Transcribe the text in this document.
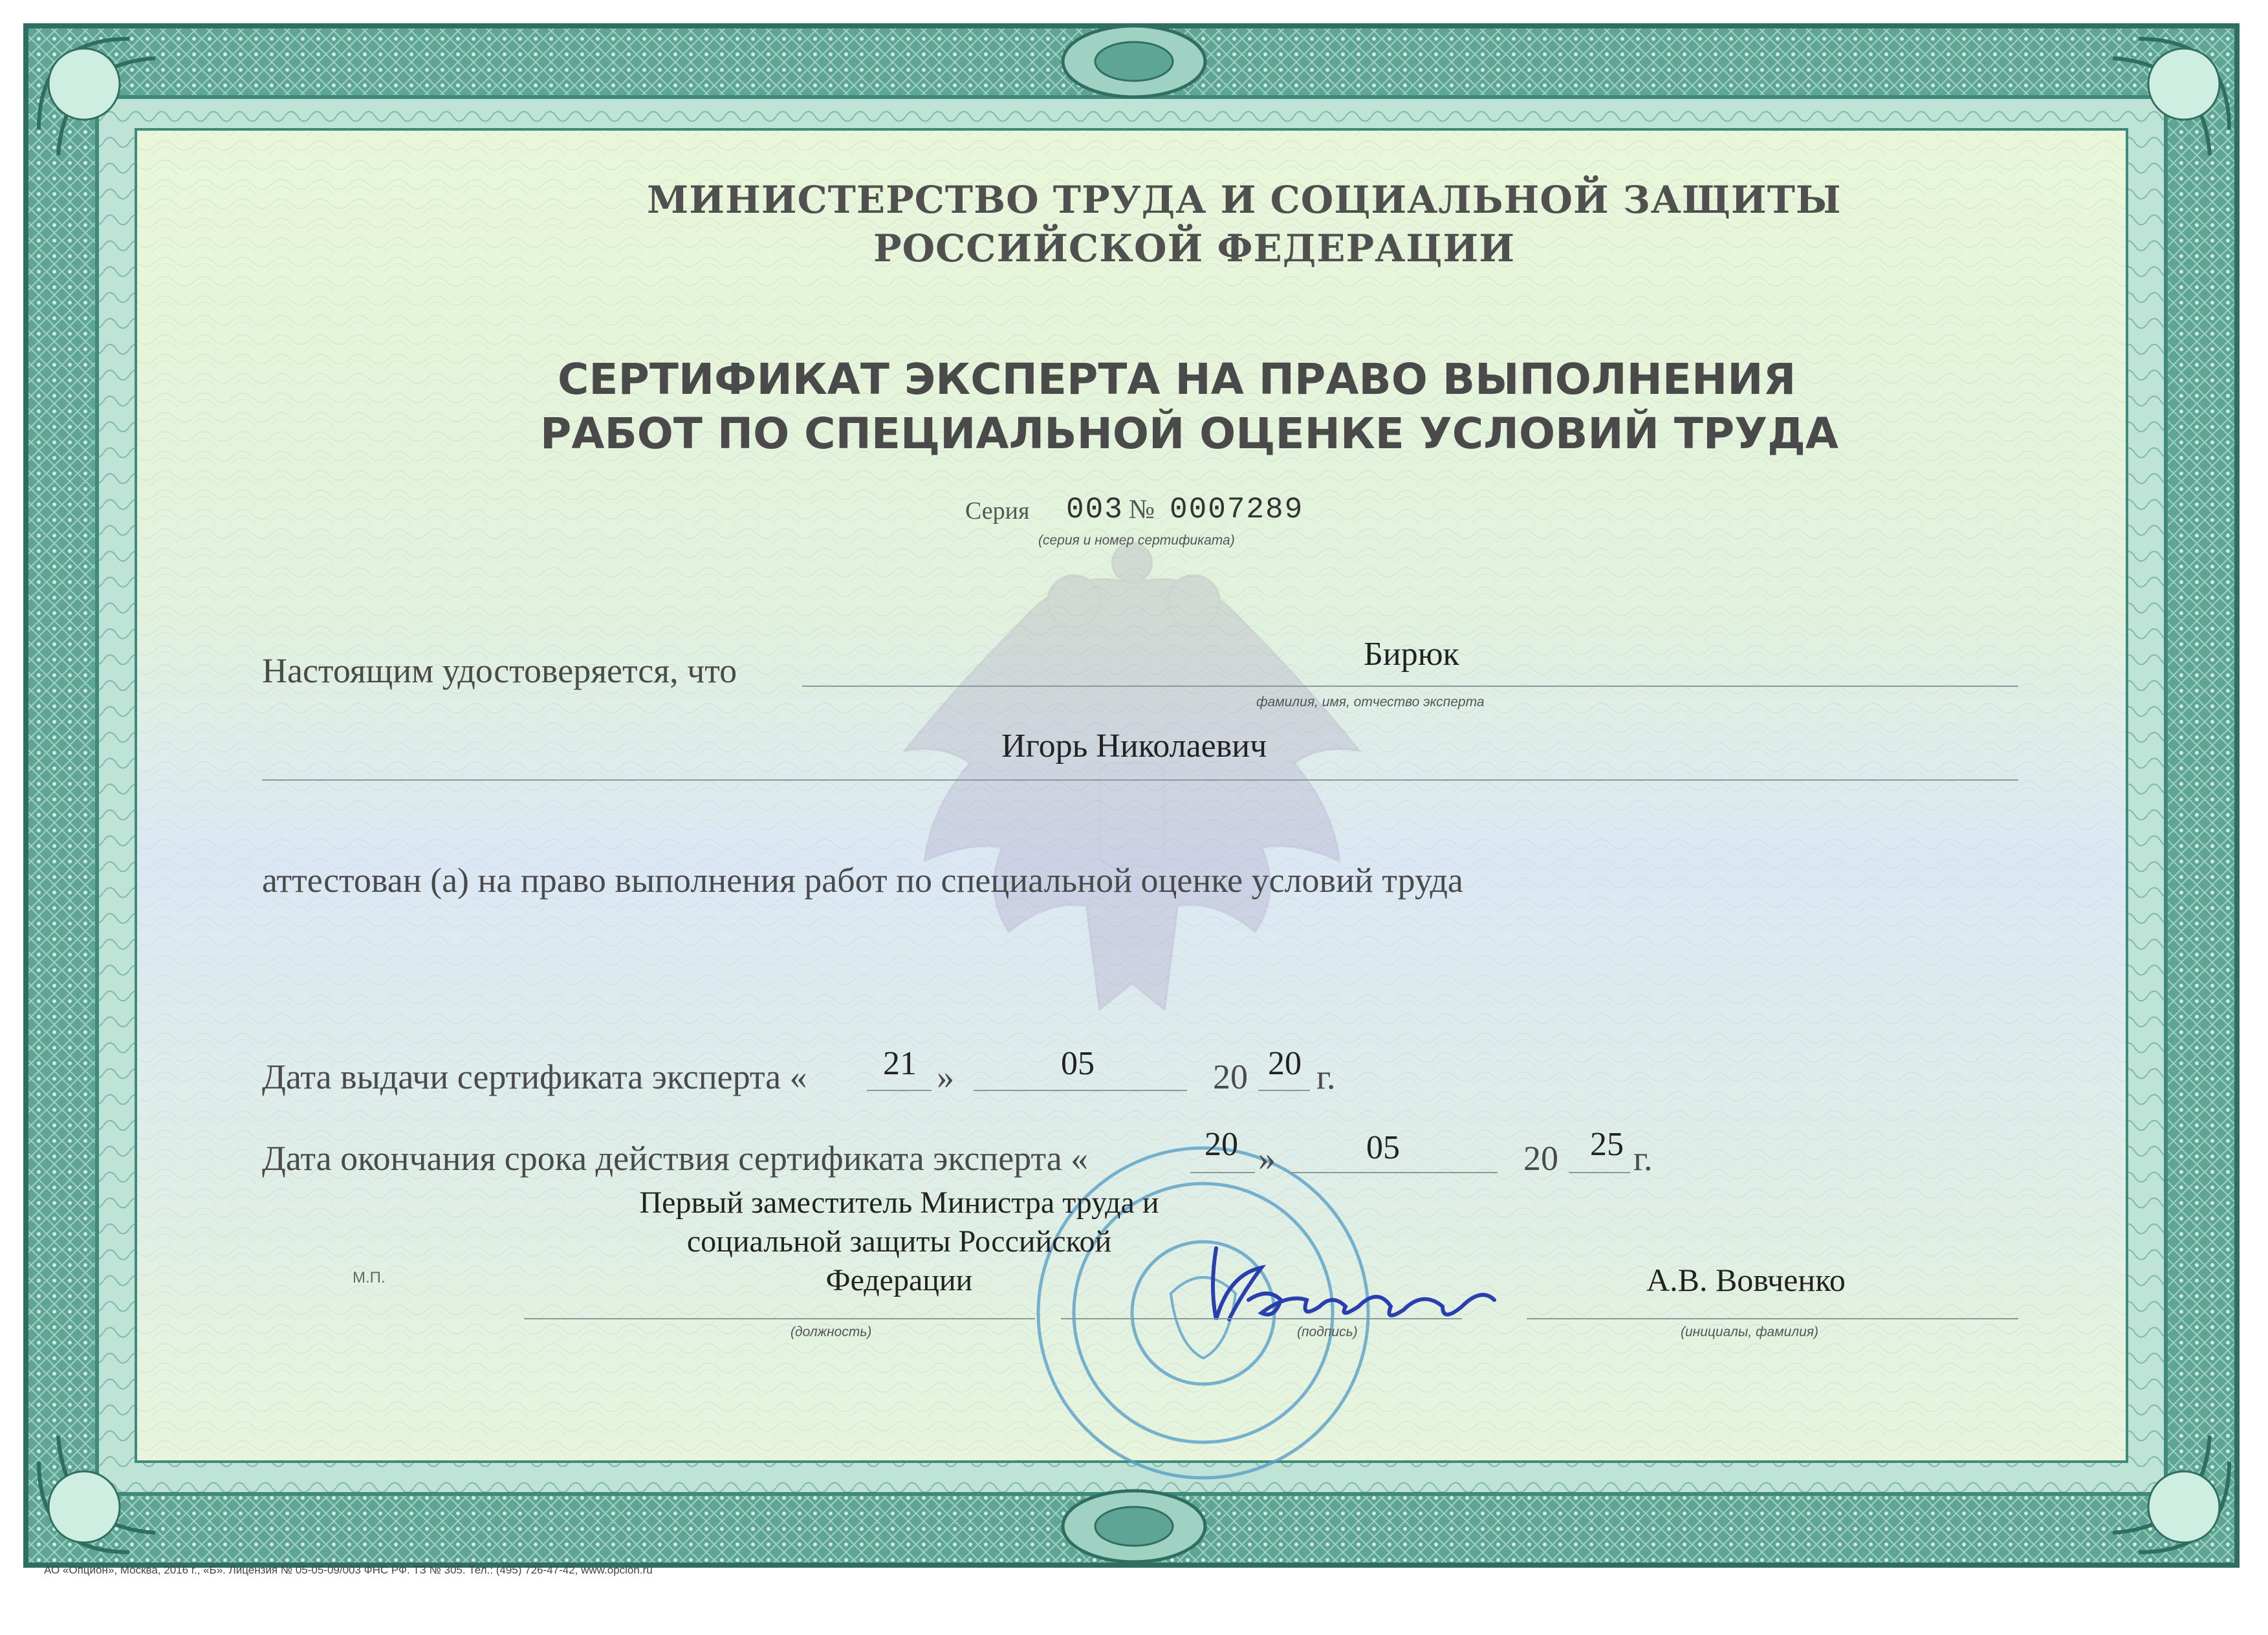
МИНИСТЕРСТВО ТРУДА И СОЦИАЛЬНОЙ ЗАЩИТЫ
РОССИЙСКОЙ ФЕДЕРАЦИИ
СЕРТИФИКАТ ЭКСПЕРТА НА ПРАВО ВЫПОЛНЕНИЯ
РАБОТ ПО СПЕЦИАЛЬНОЙ ОЦЕНКЕ УСЛОВИЙ ТРУДА
Серия 003 № 0007289
(серия и номер сертификата)
Настоящим удостоверяется, что	Бирюк
фамилия, имя, отчество эксперта
Игорь Николаевич
аттестован (а) на право выполнения работ по специальной оценке условий труда
Дата выдачи сертификата эксперта « 21 »	05	20 20 г.
Дата окончания срока действия сертификата эксперта «	20 »	05	20 25 г.
Первый заместитель Министра труда и
социальной защиты Российской
Федерации
М.П.
(должность)	(подпись)
А.В. Вовченко
(инициалы, фамилия)
АО «Опцион», Москва, 2016 г., «Б». Лицензия № 05-05-09/003 ФНС РФ. ТЗ № 305. Тел.: (495) 726-47-42, www.opcion.ru
